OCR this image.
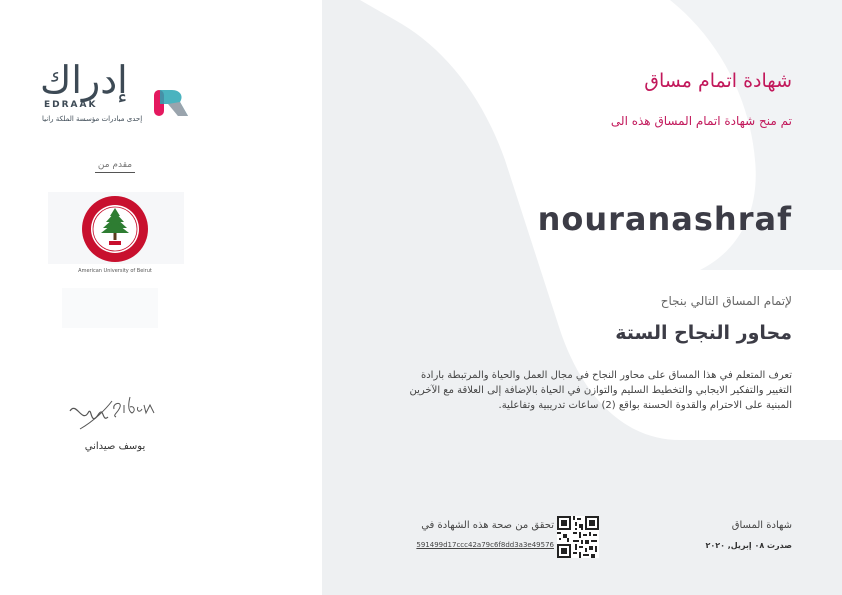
إدراك
EDRAAK
إحدى مبادرات مؤسسة الملكة رانيا
مقدم من
American University of Beirut
يوسف صيداني
شهادة اتمام مساق
تم منح شهادة اتمام المساق هذه الى
nouranashraf
لإتمام المساق التالي بنجاح
محاور النجاح الستة
تعرف المتعلم في هذا المساق على محاور النجاح في مجال العمل والحياة والمرتبطة بارادة التغيير والتفكير الايجابي والتخطيط السليم والتوازن في الحياة بالإضافة إلى العلاقة مع الآخرين المبنية على الاحترام والقدوة الحسنة بواقع (2) ساعات تدريبية وتفاعلية.
تحقق من صحة هذه الشهادة في
591499d17ccc42a79c6f8dd3a3e49576
شهادة المساق
صدرت ٠٨ إبريل, ٢٠٢٠
